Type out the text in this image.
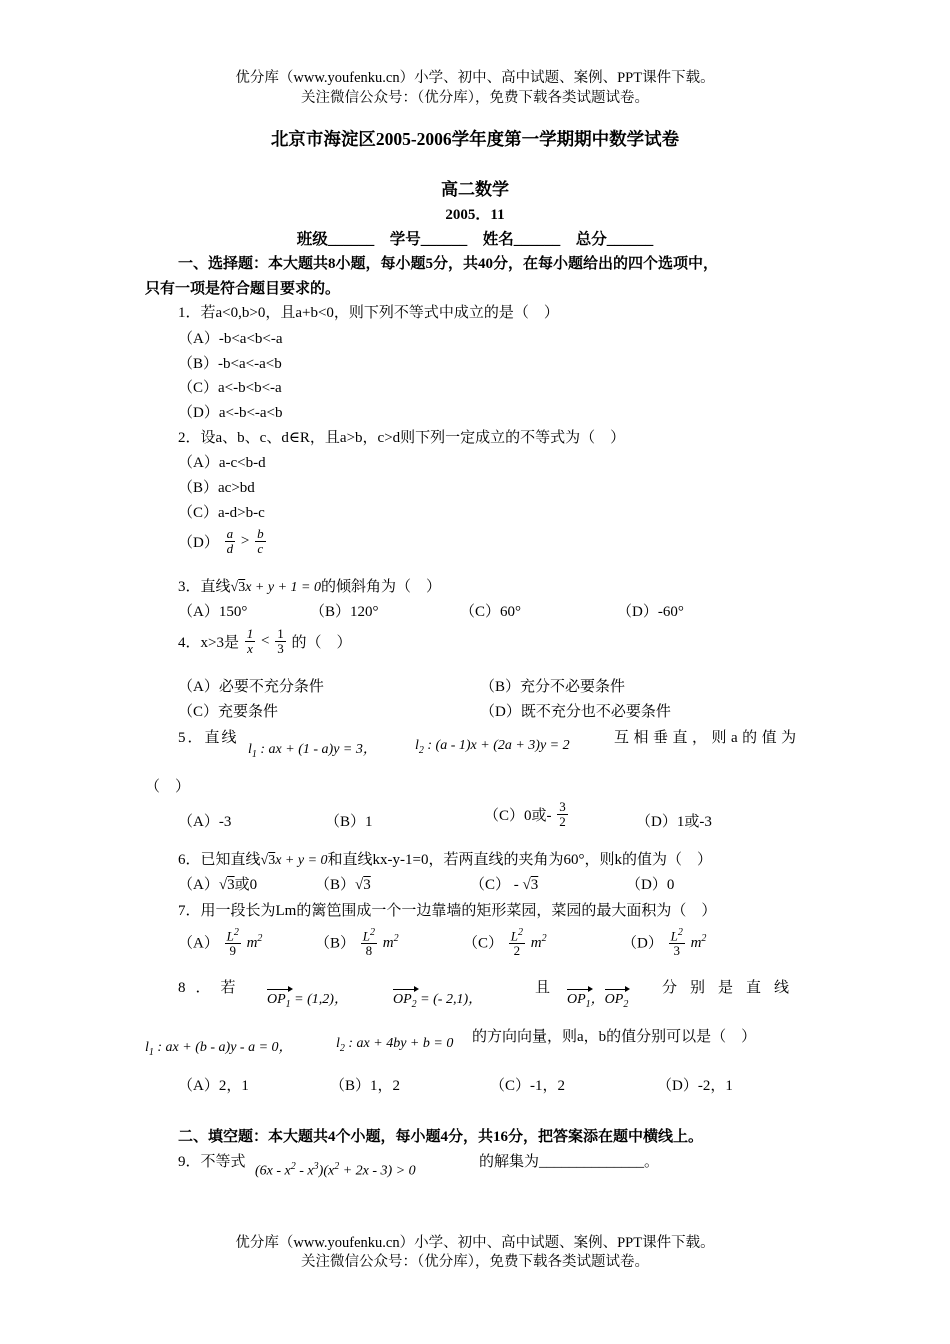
优分库（www.youfenku.cn）小学、初中、高中试题、案例、PPT课件下载。
关注微信公众号：（优分库），免费下载各类试题试卷。
北京市海淀区2005-2006学年度第一学期期中数学试卷
高二数学
2005．11
班级______　学号______　姓名______　总分______
一、选择题：本大题共8小题，每小题5分，共40分，在每小题给出的四个选项中，
只有一项是符合题目要求的。
1．若a<0,b>0，且a+b<0，则下列不等式中成立的是（　）
（A）-b<a<b<-a
（B）-b<a<-a<b
（C）a<-b<b<-a
（D）a<-b<-a<b
2．设a、b、c、d∈R，且a>b，c>d则下列一定成立的不等式为（　）
（A）a-c<b-d
（B）ac>bd
（C）a-d>b-c
$(D) \frac{a}{d} > \frac{b}{c}$
3．直线√3x + y + 1 = 0的倾斜角为（　）
（A）150°	（B）120°	（C）60°	（D）-60°
4．x>3是 $\frac{1}{x} < \frac{1}{3}$ 的（　）
（A）必要不充分条件	（B）充分不必要条件
（C）充要条件	（D）既不充分也不必要条件
5．直线
$l_1$ : ax + (1 - a)y = 3，	$l_2$ : (a - 1)x + (2a + 3)y = 2	互相垂直，则a的值为
（　）
（A）-3	（B）1	（C）0或- $\frac{3}{2}$	（D）1或-3
6．已知直线√3x + y = 0和直线kx-y-1=0，若两直线的夹角为60°，则k的值为（　）
（A）√3或0	（B）√3	（C） - √3	（D）0
7．用一段长为Lm的篱笆围成一个一边靠墙的矩形菜园，菜园的最大面积为（　）
$(A) \frac{L^2}{9} m^2$	$(B) \frac{L^2}{8} m^2$	$(C) \frac{L^2}{2} m^2$	$(D) \frac{L^2}{3} m^2$
8．若
$OP_1 = (1,2)$，	$OP_2$ = (- 2,1)，
且
$OP_1$，$OP_2$
分别是直线
$l_1$ : ax + (b - a)y - a = 0，	$l_2$ : ax + 4by + b = 0 的方向向量，则a，b的值分别可以是（　）
（A）2，1	（B）1，2	（C）-1，2	（D）-2，1
二、填空题：本大题共4个小题，每小题4分，共16分，把答案添在题中横线上。
9．不等式
$(6x - x^2 - x^3)(x^2 + 2x - 3) > 0$
的解集为______________。
优分库（www.youfenku.cn）小学、初中、高中试题、案例、PPT课件下载。
关注微信公众号：（优分库），免费下载各类试题试卷。
